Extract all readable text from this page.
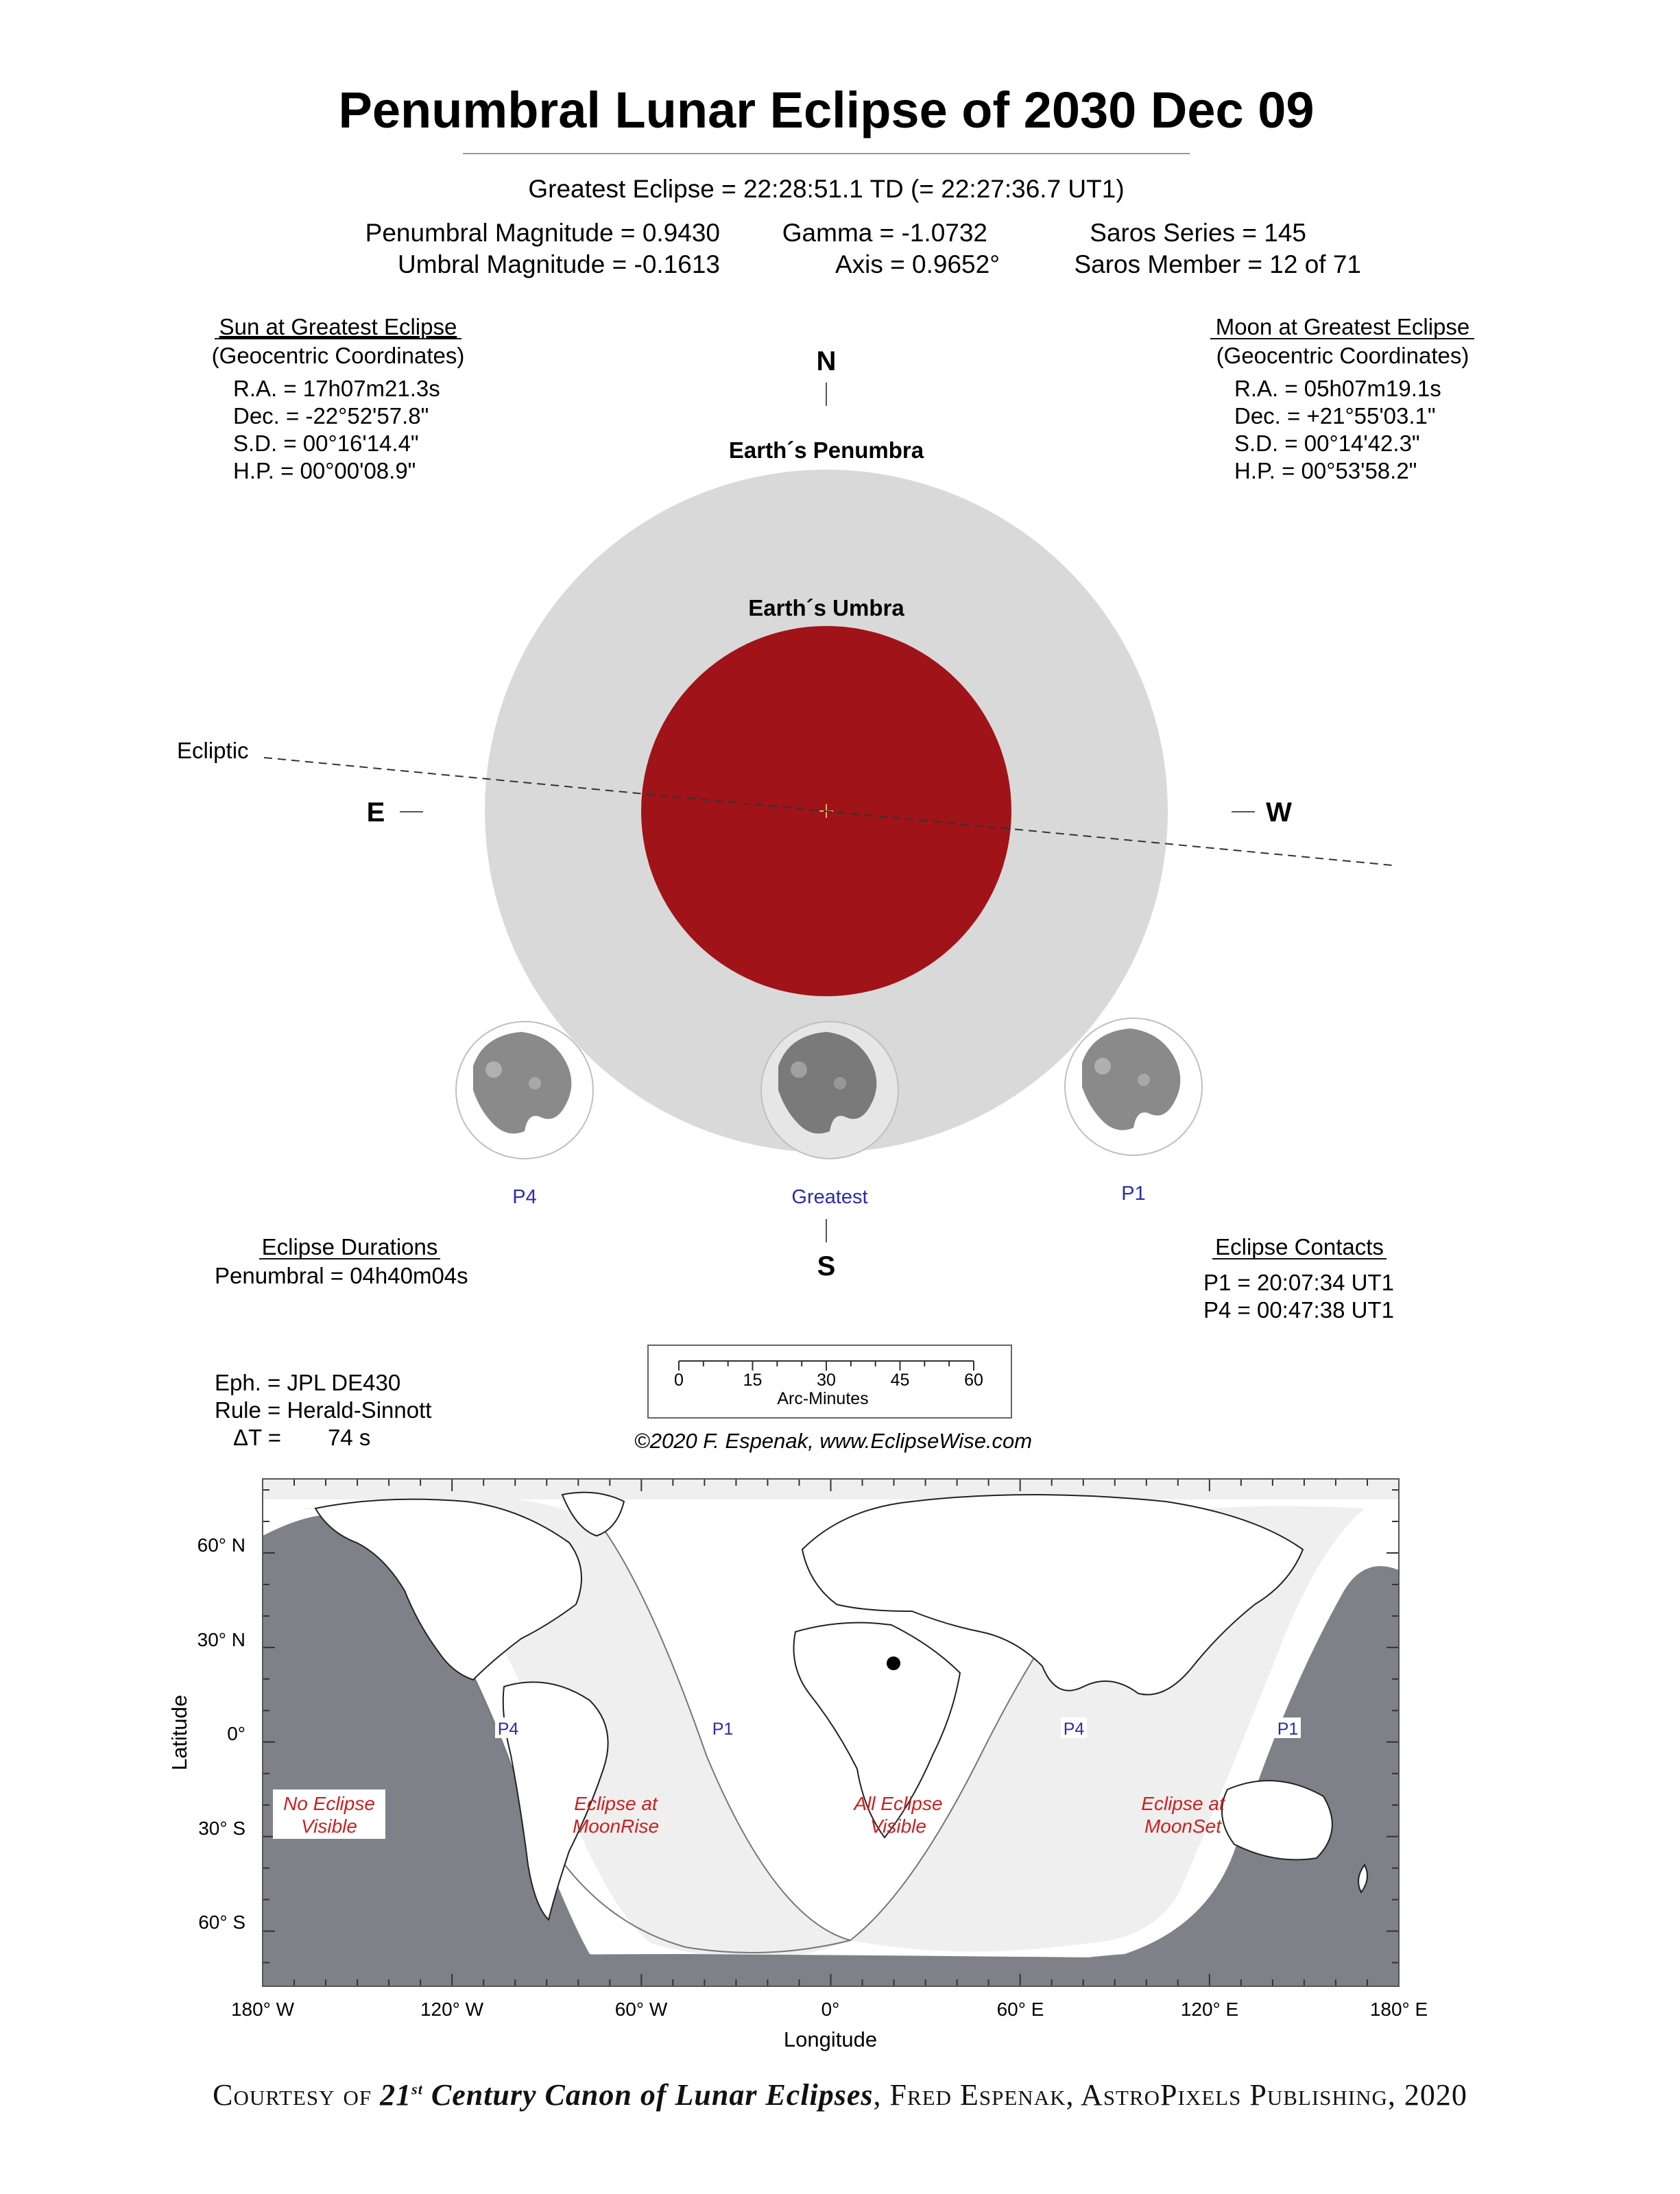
Penumbral Lunar Eclipse of 2030 Dec 09
Greatest Eclipse = 22:28:51.1 TD (= 22:27:36.7 UT1)
Penumbral Magnitude = 0.9430
Umbral Magnitude = -0.1613
Gamma = -1.0732
Axis = 0.9652°
Saros Series = 145
Saros Member = 12 of 71
Sun at Greatest Eclipse
(Geocentric Coordinates)
R.A. = 17h07m21.3s
Dec. = -22°52'57.8"
S.D. = 00°16'14.4"
H.P. = 00°00'08.9"
Moon at Greatest Eclipse
(Geocentric Coordinates)
R.A. = 05h07m19.1s
Dec. = +21°55'03.1"
S.D. = 00°14'42.3"
H.P. = 00°53'58.2"
Earth´s Penumbra
Earth´s Umbra
Ecliptic
N
S
E	W
P4	Greatest	P1
Eclipse Durations
Penumbral = 04h40m04s
Eclipse Contacts
P1 = 20:07:34 UT1
P4 = 00:47:38 UT1
Eph. = JPL DE430
Rule = Herald-Sinnott
ΔT = 74 s
0	15	30	45	60
Arc-Minutes
©2020 F. Espenak, www.EclipseWise.com
P4	P1	P4	P1
No Eclipse
Visible
Eclipse at
MoonRise
All Eclipse
Visible
Eclipse at
MoonSet
60° N
30° N
0°
30° S
60° S
Latitude
180° W	120° W	60° W	0°	60° E	120° E	180° E
Longitude
Courtesy of 21st Century Canon of Lunar Eclipses, Fred Espenak, AstroPixels Publishing, 2020
